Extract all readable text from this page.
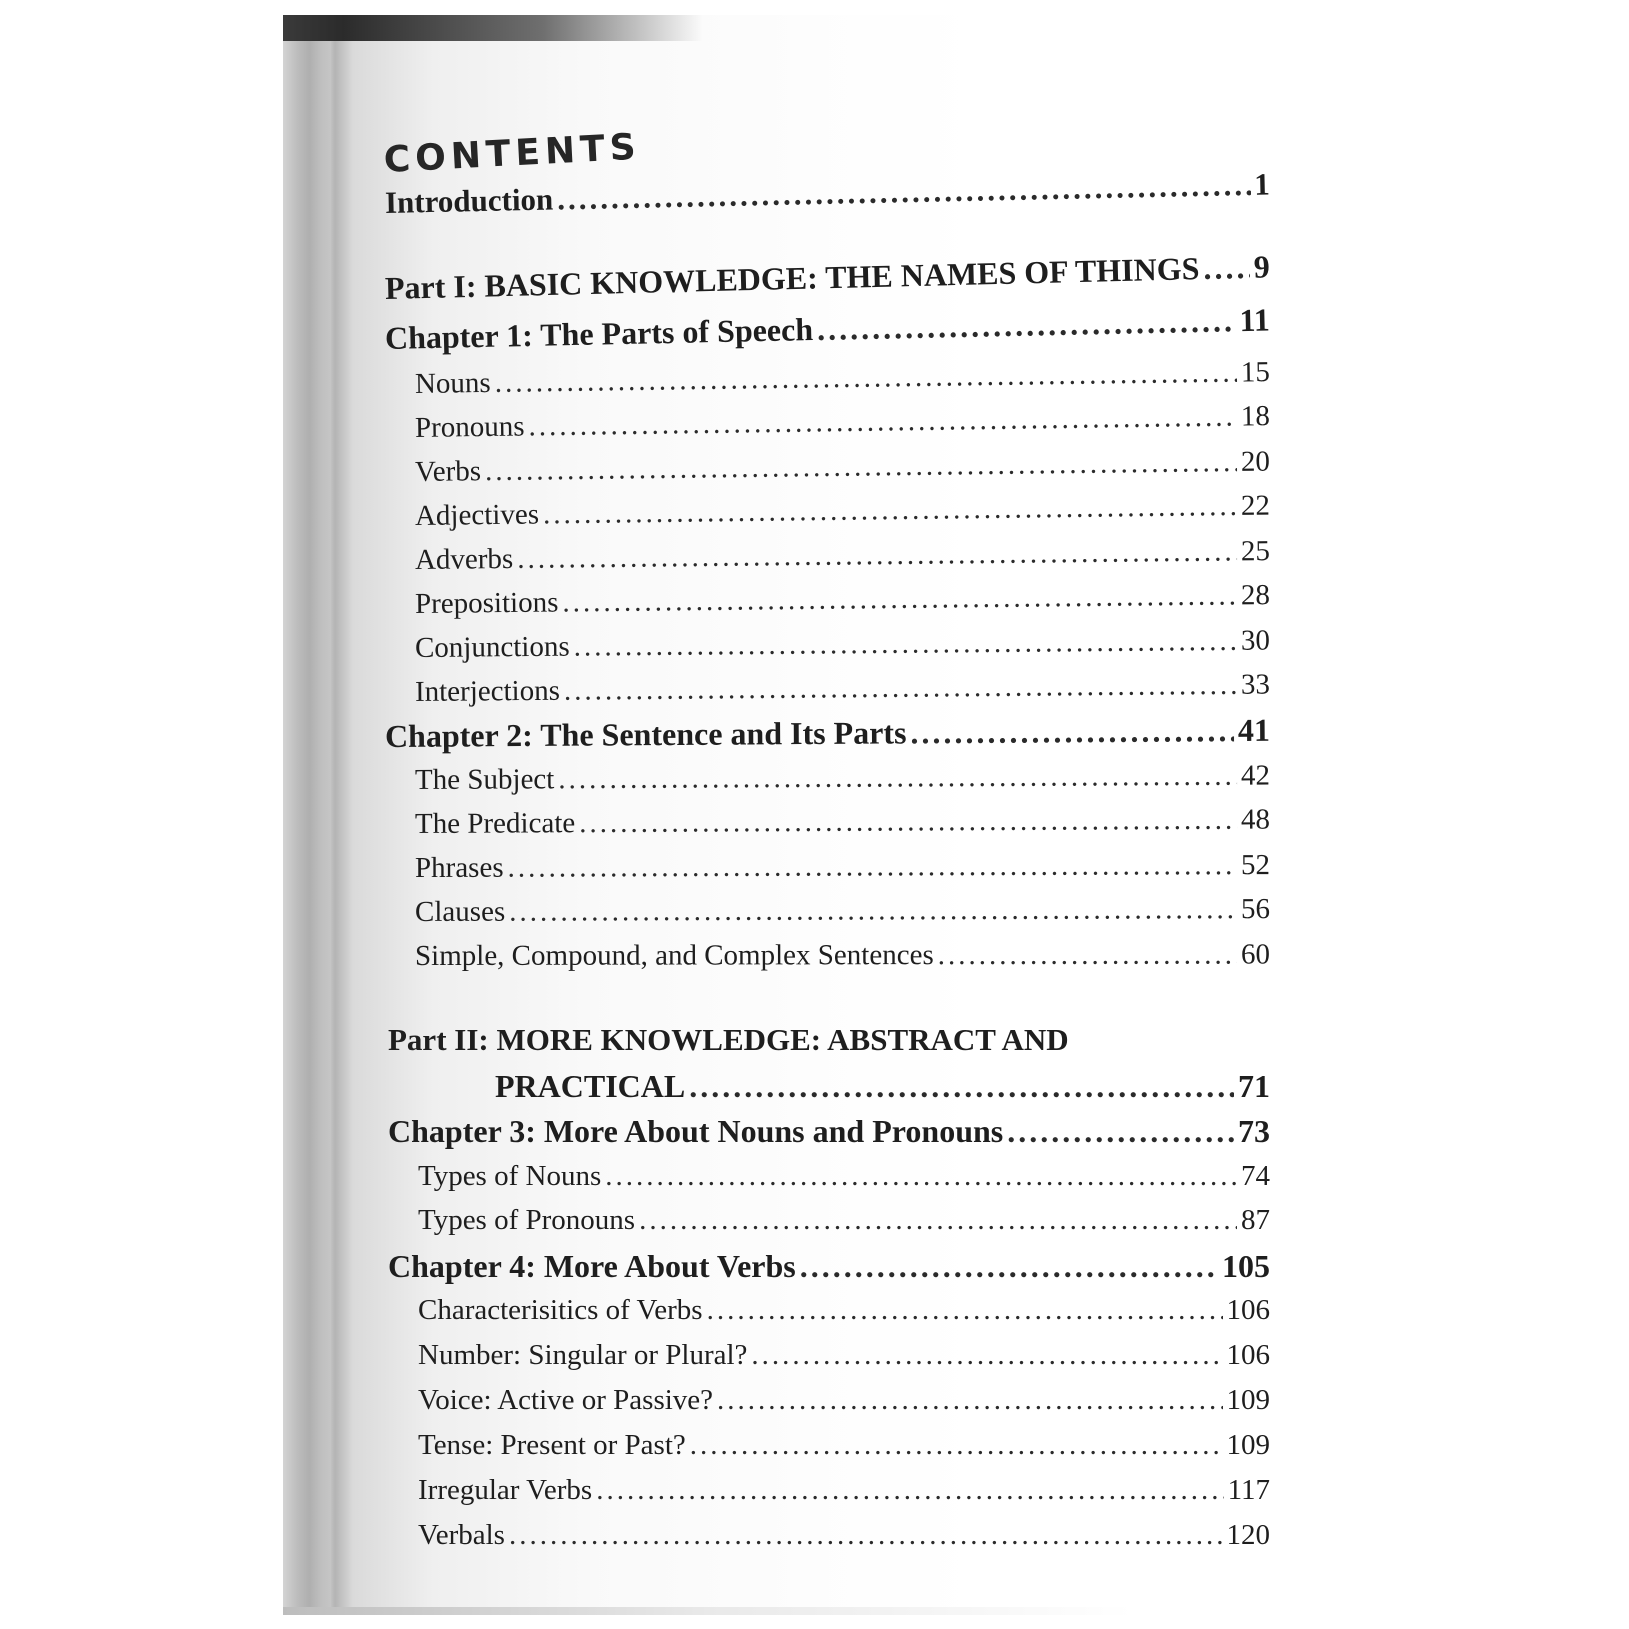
CONTENTS
Introduction .....	1
Part I: BASIC KNOWLEDGE: THE NAMES OF THINGS ..... 9
Chapter 1: The Parts of Speech .....	11
Nouns .....	15
Pronouns .....	18
Verbs .....	20
Adjectives .....	22
Adverbs .....	25
Prepositions .....	28
Conjunctions .....	30
Interjections .....	33
Chapter 2: The Sentence and Its Parts .....	41
The Subject .....	42
The Predicate .....	48
Phrases .....	52
Clauses .....	56
Simple, Compound, and Complex Sentences .....	60
Part II: MORE KNOWLEDGE: ABSTRACT AND
PRACTICAL .....	71
Chapter 3: More About Nouns and Pronouns .....	73
Types of Nouns .....	74
Types of Pronouns .....	87
Chapter 4: More About Verbs .....	105
Characterisitics of Verbs .....	106
Number: Singular or Plural? .....	106
Voice: Active or Passive? .....	109
Tense: Present or Past? .....	109
Irregular Verbs .....	117
Verbals .....	120
